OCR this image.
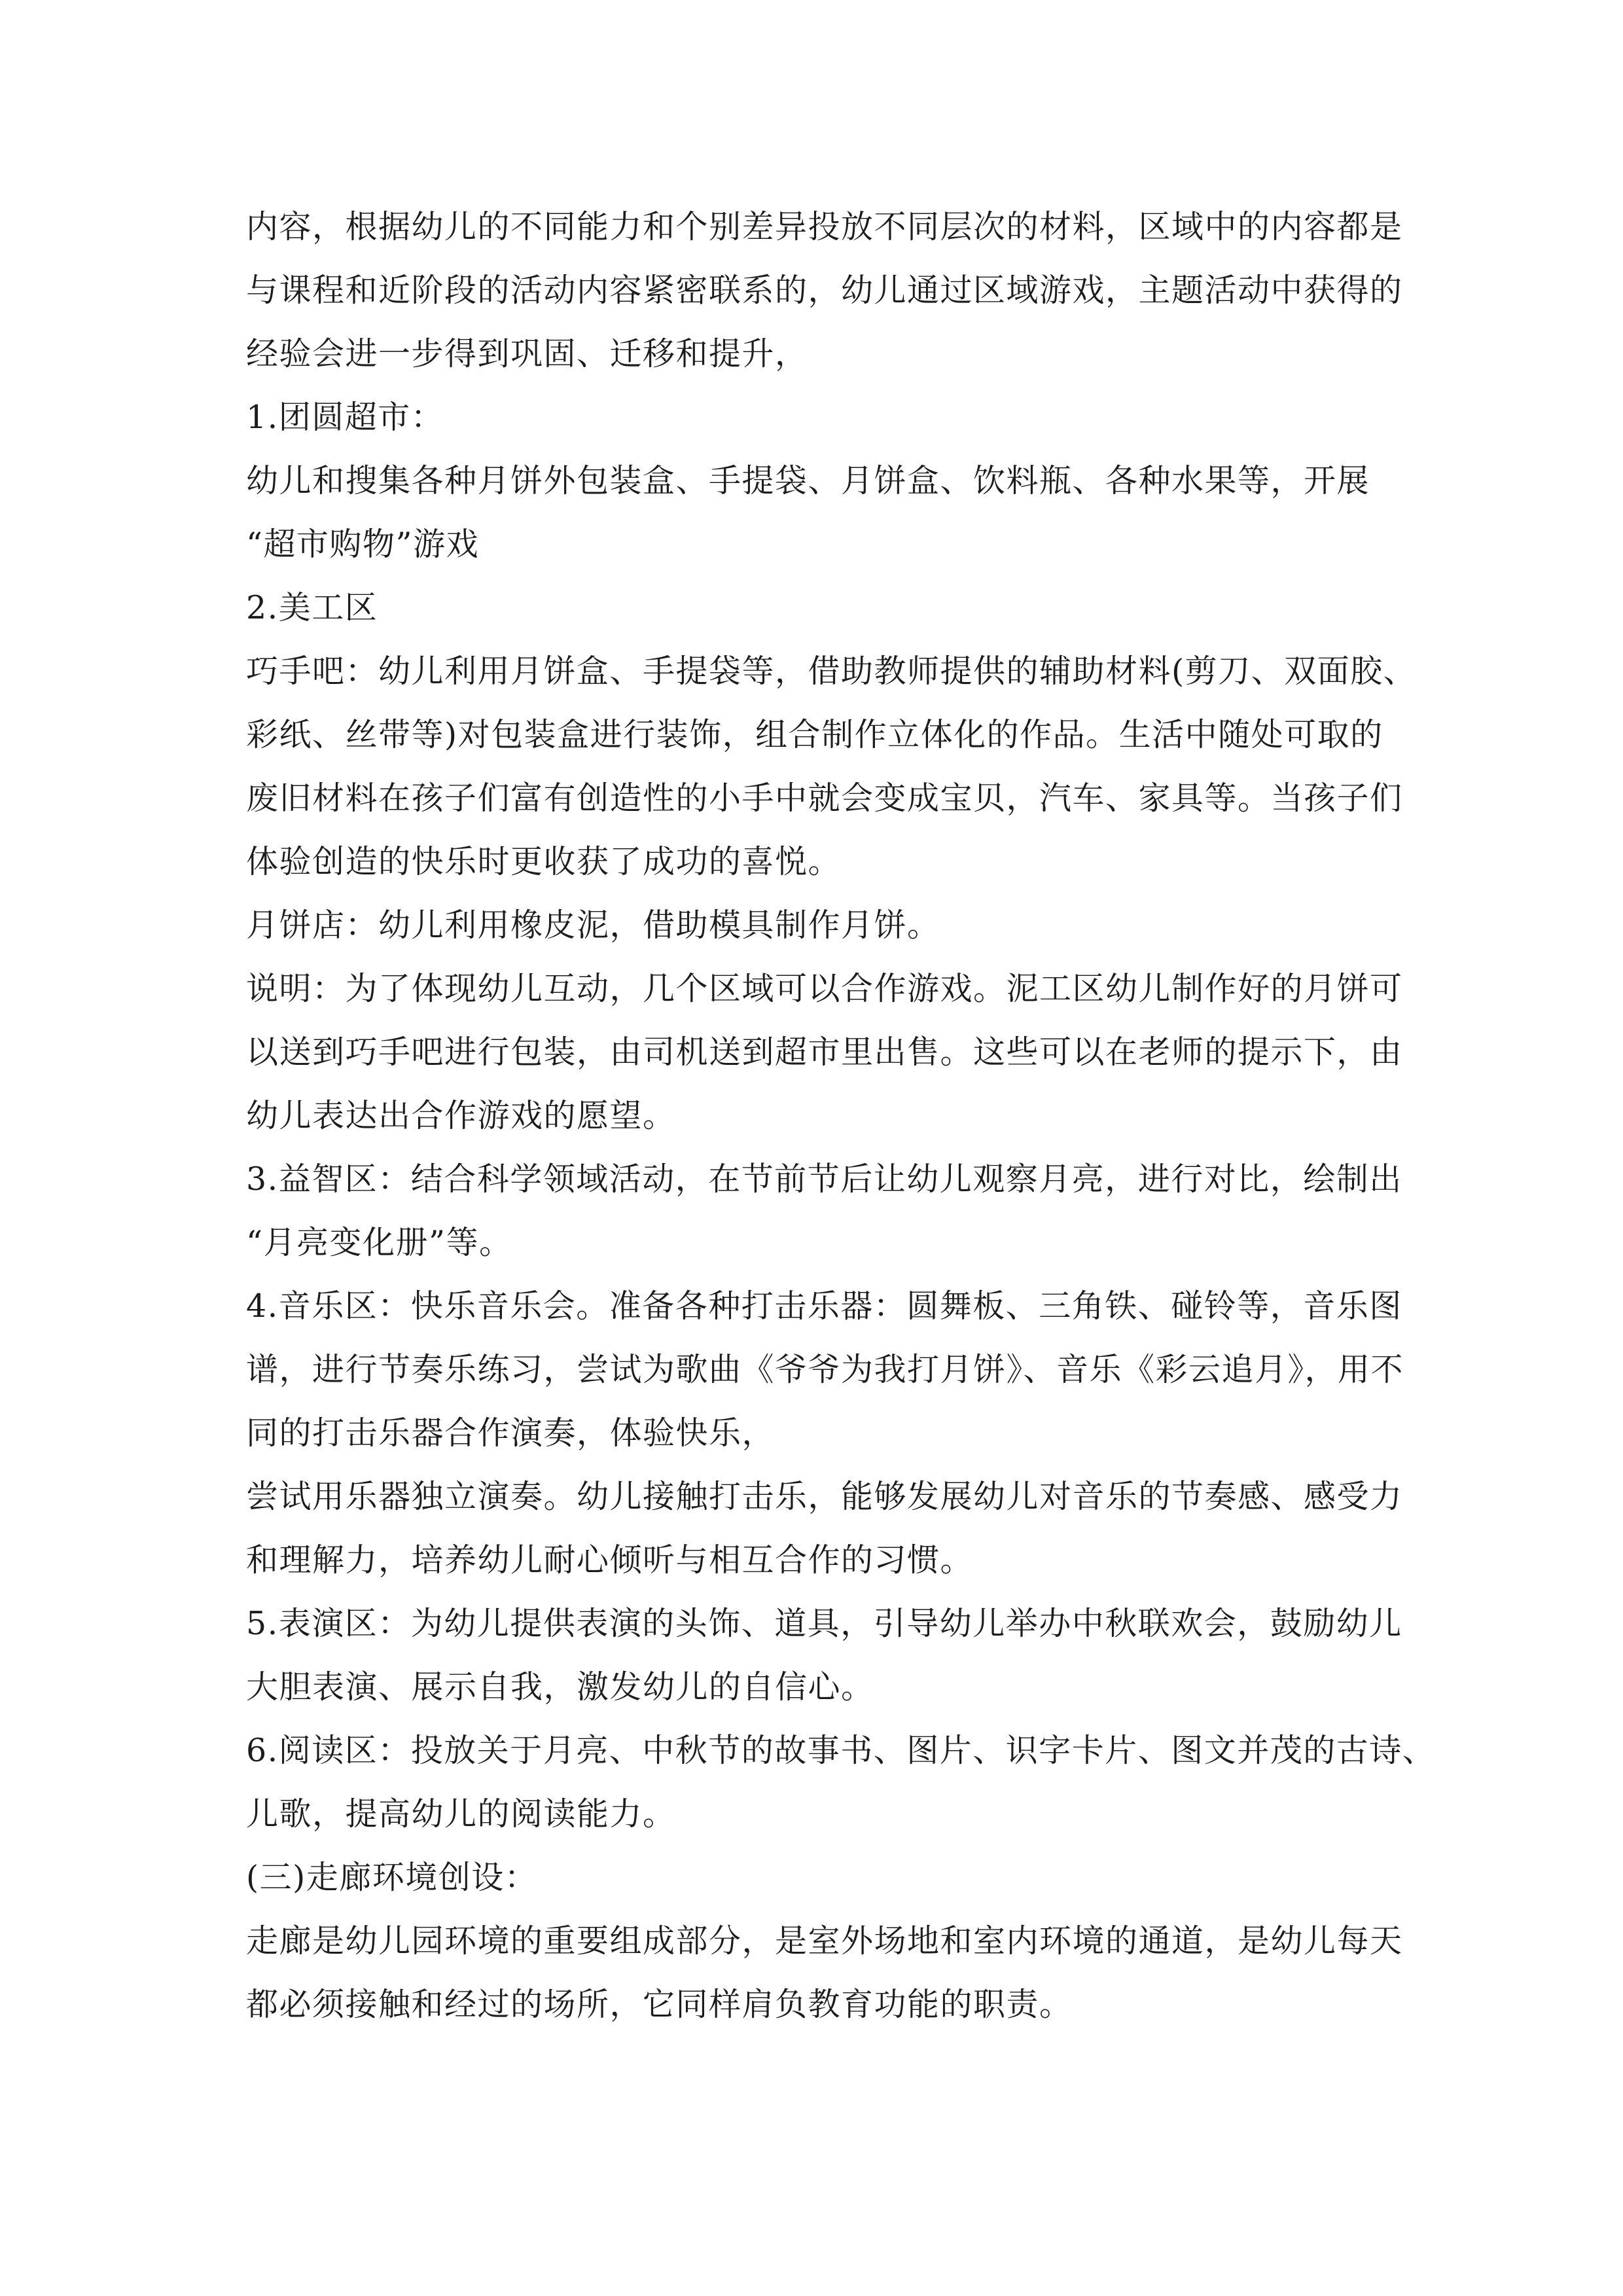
内容，根据幼儿的不同能力和个别差异投放不同层次的材料，区域中的内容都是
与课程和近阶段的活动内容紧密联系的，幼儿通过区域游戏，主题活动中获得的
经验会进一步得到巩固、迁移和提升，
1.团圆超市：
幼儿和搜集各种月饼外包装盒、手提袋、月饼盒、饮料瓶、各种水果等，开展
“超市购物”游戏
2.美工区
巧手吧：幼儿利用月饼盒、手提袋等，借助教师提供的辅助材料(剪刀、双面胶、
彩纸、丝带等)对包装盒进行装饰，组合制作立体化的作品。生活中随处可取的
废旧材料在孩子们富有创造性的小手中就会变成宝贝，汽车、家具等。当孩子们
体验创造的快乐时更收获了成功的喜悦。
月饼店：幼儿利用橡皮泥，借助模具制作月饼。
说明：为了体现幼儿互动，几个区域可以合作游戏。泥工区幼儿制作好的月饼可
以送到巧手吧进行包装，由司机送到超市里出售。这些可以在老师的提示下，由
幼儿表达出合作游戏的愿望。
3.益智区：结合科学领域活动，在节前节后让幼儿观察月亮，进行对比，绘制出
“月亮变化册”等。
4.音乐区：快乐音乐会。准备各种打击乐器：圆舞板、三角铁、碰铃等，音乐图
谱，进行节奏乐练习，尝试为歌曲《爷爷为我打月饼》、音乐《彩云追月》，用不
同的打击乐器合作演奏，体验快乐，
尝试用乐器独立演奏。幼儿接触打击乐，能够发展幼儿对音乐的节奏感、感受力
和理解力，培养幼儿耐心倾听与相互合作的习惯。
5.表演区：为幼儿提供表演的头饰、道具，引导幼儿举办中秋联欢会，鼓励幼儿
大胆表演、展示自我，激发幼儿的自信心。
6.阅读区：投放关于月亮、中秋节的故事书、图片、识字卡片、图文并茂的古诗、
儿歌，提高幼儿的阅读能力。
(三)走廊环境创设：
走廊是幼儿园环境的重要组成部分，是室外场地和室内环境的通道，是幼儿每天
都必须接触和经过的场所，它同样肩负教育功能的职责。
